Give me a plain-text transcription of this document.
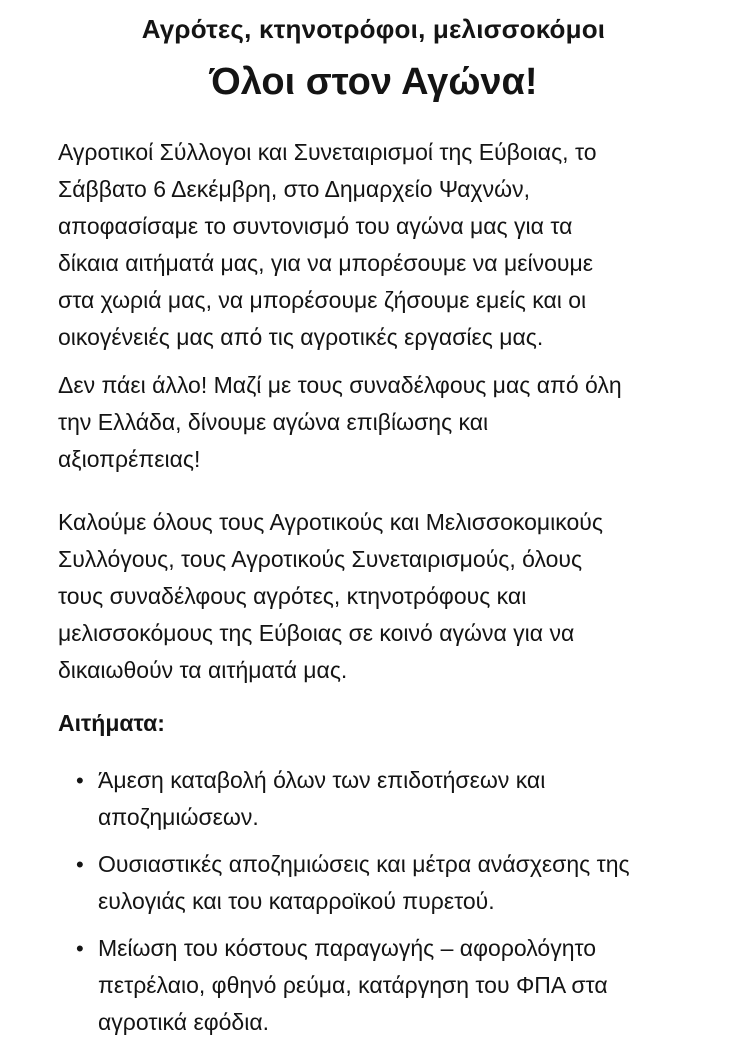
Αγρότες, κτηνοτρόφοι, μελισσοκόμοι
Όλοι στον Αγώνα!

Αγροτικοί Σύλλογοι και Συνεταιρισμοί της Εύβοιας, το
Σάββατο 6 Δεκέμβρη, στο Δημαρχείο Ψαχνών,
αποφασίσαμε το συντονισμό του αγώνα μας για τα
δίκαια αιτήματά μας, για να μπορέσουμε να μείνουμε
στα χωριά μας, να μπορέσουμε ζήσουμε εμείς και οι
οικογένειές μας από τις αγροτικές εργασίες μας.

Δεν πάει άλλο! Μαζί με τους συναδέλφους μας από όλη
την Ελλάδα, δίνουμε αγώνα επιβίωσης και
αξιοπρέπειας!

Καλούμε όλους τους Αγροτικούς και Μελισσοκομικούς
Συλλόγους, τους Αγροτικούς Συνεταιρισμούς, όλους
τους συναδέλφους αγρότες, κτηνοτρόφους και
μελισσοκόμους της Εύβοιας σε κοινό αγώνα για να
δικαιωθούν τα αιτήματά μας.

Αιτήματα:

• Άμεση καταβολή όλων των επιδοτήσεων και
αποζημιώσεων.
• Ουσιαστικές αποζημιώσεις και μέτρα ανάσχεσης της
ευλογιάς και του καταρροϊκού πυρετού.
• Μείωση του κόστους παραγωγής – αφορολόγητο
πετρέλαιο, φθηνό ρεύμα, κατάργηση του ΦΠΑ στα
αγροτικά εφόδια.
